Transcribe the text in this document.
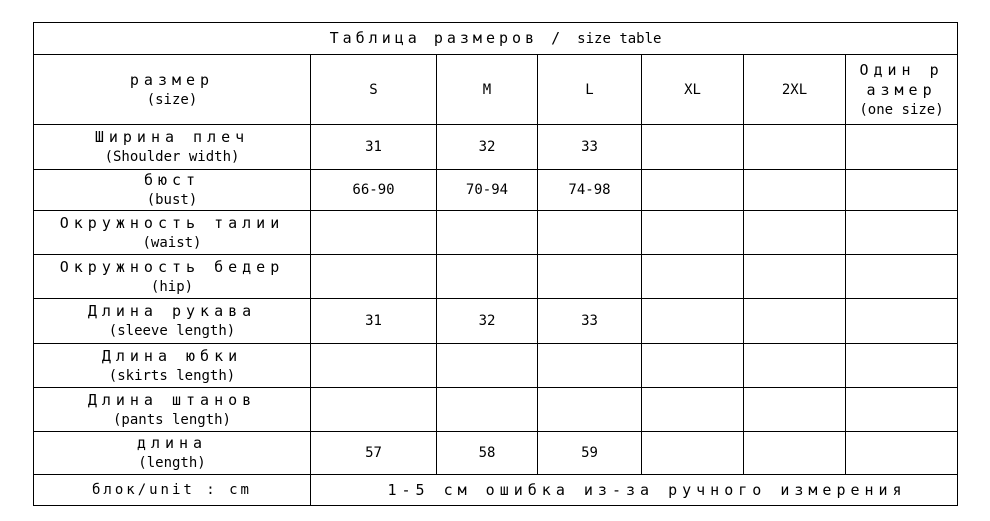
Таблица размеров / size table						

размер
(size)	S	M	L	XL	2XL	Один р
азмер
(one size)

Ширина плеч
(Shoulder width)	31	32	33			

бюст
(bust)	66-90	70-94	74-98			

Окружность талии
(waist)						

Окружность бедер
(hip)						

Длина рукава
(sleeve length)	31	32	33			

Длина юбки
(skirts length)						

Длина штанов
(pants length)						

длина
(length)	57	58	59			
блок/unit : cm	1-5 см ошибка из-за ручного измерения					
